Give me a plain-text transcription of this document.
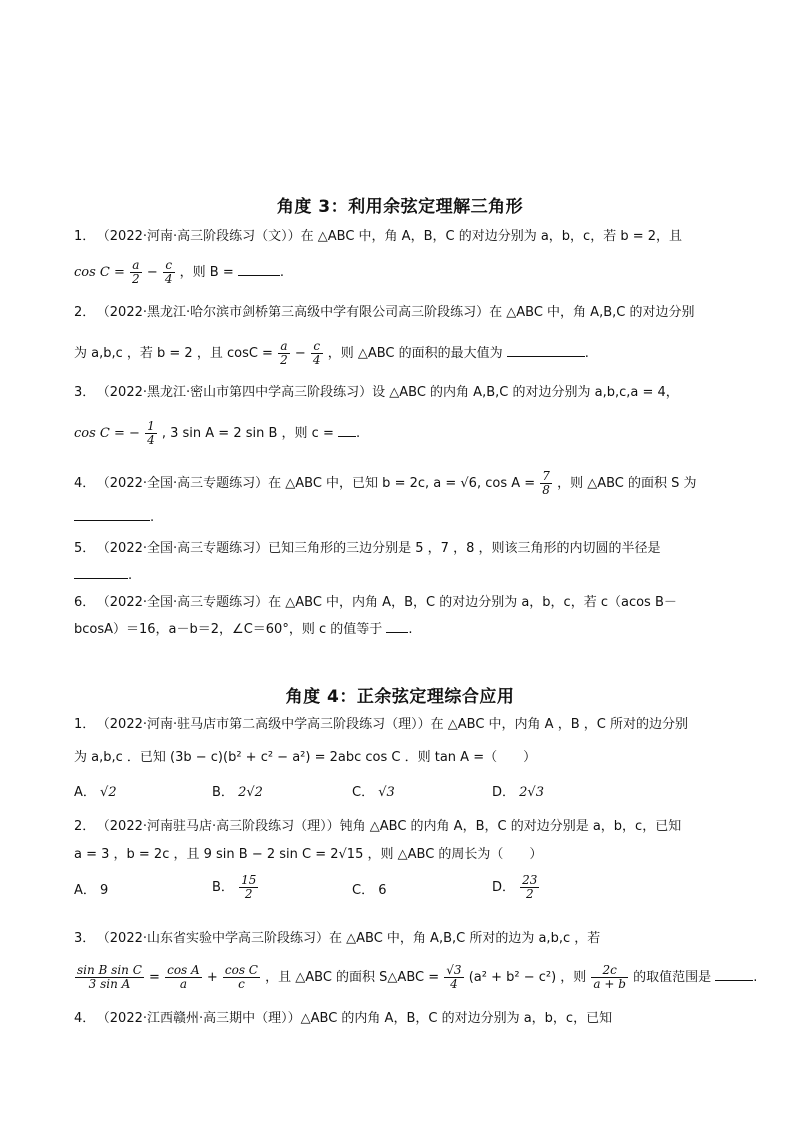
角度 3：利用余弦定理解三角形
1． （2022·河南·高三阶段练习（文））在 △ABC 中，角 A，B，C 的对边分别为 a，b，c，若 b = 2，且
$\cos C = \frac{a}{2} - \frac{c}{4}$ ，则 B =	.
2． （2022·黑龙江·哈尔滨市剑桥第三高级中学有限公司高三阶段练习）在 △ABC 中，角 A,B,C 的对边分别
为 a,b,c ，若 b = 2 ，且 $\cos C = \frac{a}{2} - \frac{c}{4}$ ，则 △ABC 的面积的最大值为	.
3． （2022·黑龙江·密山市第四中学高三阶段练习）设 △ABC 的内角 A,B,C 的对边分别为 a,b,c,a = 4，
cos C = − $\frac{1}{4}$ , 3 sin A = 2 sin B ，则 c = .
4． （2022·全国·高三专题练习）在 △ABC 中，已知 b = 2c, a = √6, $\cos A = \frac{7}{8}$ ，则 △ABC 的面积 S 为
.
5． （2022·全国·高三专题练习）已知三角形的三边分别是 5 ，7 ，8 ，则该三角形的内切圆的半径是
.
6． （2022·全国·高三专题练习）在 △ABC 中，内角 A，B，C 的对边分别为 a，b，c，若 c（acos B－
bcosA）＝16，a－b＝2，∠C＝60°，则 c 的值等于 .
角度 4：正余弦定理综合应用
1． （2022·河南·驻马店市第二高级中学高三阶段练习（理））在 △ABC 中，内角 A ，B ，C 所对的边分别
为 a,b,c ．已知 (3b − c)(b² + c² − a²) = 2abc cos C ．则 tan A =（　　）
A． √2	B． 2√2	C． √3	D． 2√3
2． （2022·河南驻马店·高三阶段练习（理））钝角 △ABC 的内角 A，B，C 的对边分别是 a，b，c，已知
a = 3 ，b = 2c ，且 9 sin B − 2 sin C = 2√15 ，则 △ABC 的周长为（　　）
A． 9	B． $\frac{15}{2}$	C． 6	D． $\frac{23}{2}$
3． （2022·山东省实验中学高三阶段练习）在 △ABC 中，角 A,B,C 所对的边为 a,b,c ，若
$\frac{\text{sin B sin C}}{\text{3 sin A}} = \frac{\text{cos A}}{a} + \frac{\text{cos C}}{c}$ ，且 △ABC 的面积 S△ABC = $\frac{√3}{4} (a^2 + b^2 - c^2)$ ，则 $\frac{2c}{a + b}$ 的取值范围是	.
4． （2022·江西赣州·高三期中（理））△ABC 的内角 A，B，C 的对边分别为 a，b，c，已知
